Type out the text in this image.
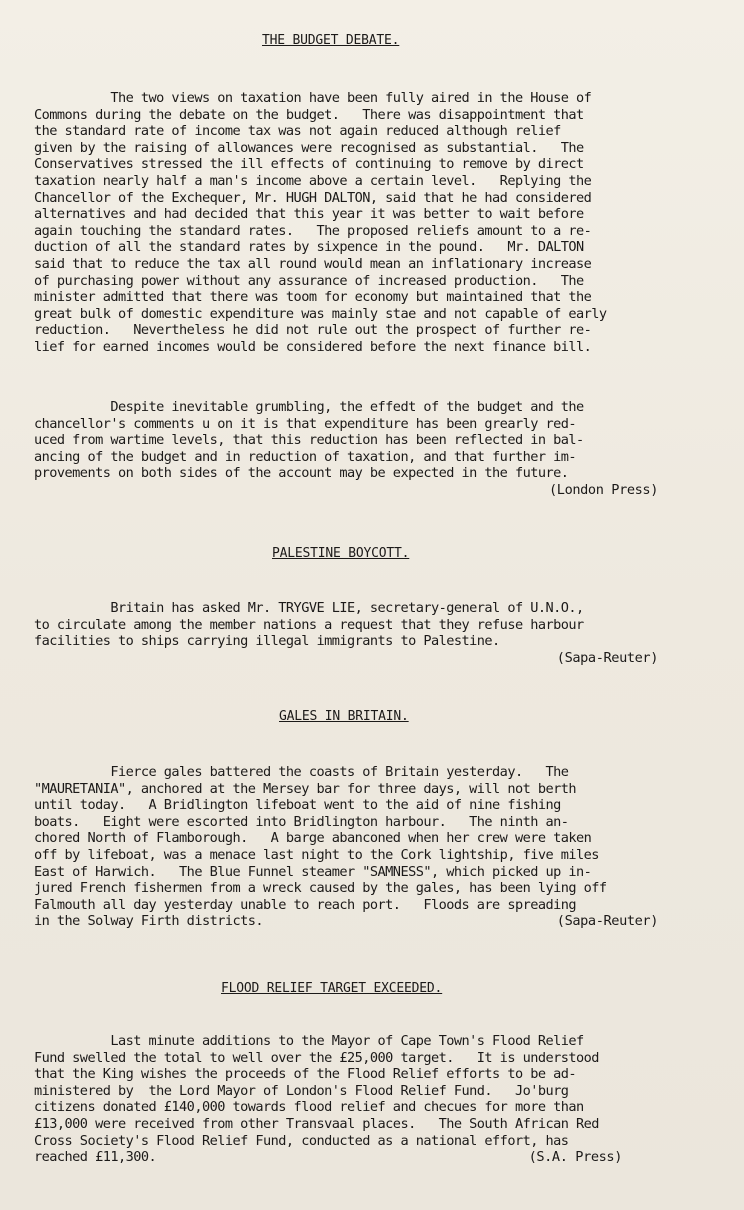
THE BUDGET DEBATE.
The two views on taxation have been fully aired in the House of
Commons during the debate on the budget.   There was disappointment that
the standard rate of income tax was not again reduced although relief
given by the raising of allowances were recognised as substantial.   The
Conservatives stressed the ill effects of continuing to remove by direct
taxation nearly half a man's income above a certain level.   Replying the
Chancellor of the Exchequer, Mr. HUGH DALTON, said that he had considered
alternatives and had decided that this year it was better to wait before
again touching the standard rates.   The proposed reliefs amount to a re-
duction of all the standard rates by sixpence in the pound.   Mr. DALTON
said that to reduce the tax all round would mean an inflationary increase
of purchasing power without any assurance of increased production.   The
minister admitted that there was toom for economy but maintained that the
great bulk of domestic expenditure was mainly stae and not capable of early
reduction.   Nevertheless he did not rule out the prospect of further re-
lief for earned incomes would be considered before the next finance bill.
Despite inevitable grumbling, the effedt of the budget and the
chancellor's comments u on it is that expenditure has been grearly red-
uced from wartime levels, that this reduction has been reflected in bal-
ancing of the budget and in reduction of taxation, and that further im-
provements on both sides of the account may be expected in the future.
(London Press)
PALESTINE BOYCOTT.
Britain has asked Mr. TRYGVE LIE, secretary-general of U.N.O.,
to circulate among the member nations a request that they refuse harbour
facilities to ships carrying illegal immigrants to Palestine.
(Sapa-Reuter)
GALES IN BRITAIN.
Fierce gales battered the coasts of Britain yesterday.   The
"MAURETANIA", anchored at the Mersey bar for three days, will not berth
until today.   A Bridlington lifeboat went to the aid of nine fishing
boats.   Eight were escorted into Bridlington harbour.   The ninth an-
chored North of Flamborough.   A barge abanconed when her crew were taken
off by lifeboat, was a menace last night to the Cork lightship, five miles
East of Harwich.   The Blue Funnel steamer "SAMNESS", which picked up in-
jured French fishermen from a wreck caused by the gales, has been lying off
Falmouth all day yesterday unable to reach port.   Floods are spreading
in the Solway Firth districts.	(Sapa-Reuter)
FLOOD RELIEF TARGET EXCEEDED.
Last minute additions to the Mayor of Cape Town's Flood Relief
Fund swelled the total to well over the £25,000 target.   It is understood
that the King wishes the proceeds of the Flood Relief efforts to be ad-
ministered by  the Lord Mayor of London's Flood Relief Fund.   Jo'burg
citizens donated £140,000 towards flood relief and checues for more than
£13,000 were received from other Transvaal places.   The South African Red
Cross Society's Flood Relief Fund, conducted as a national effort, has
reached £11,300.	(S.A. Press)
